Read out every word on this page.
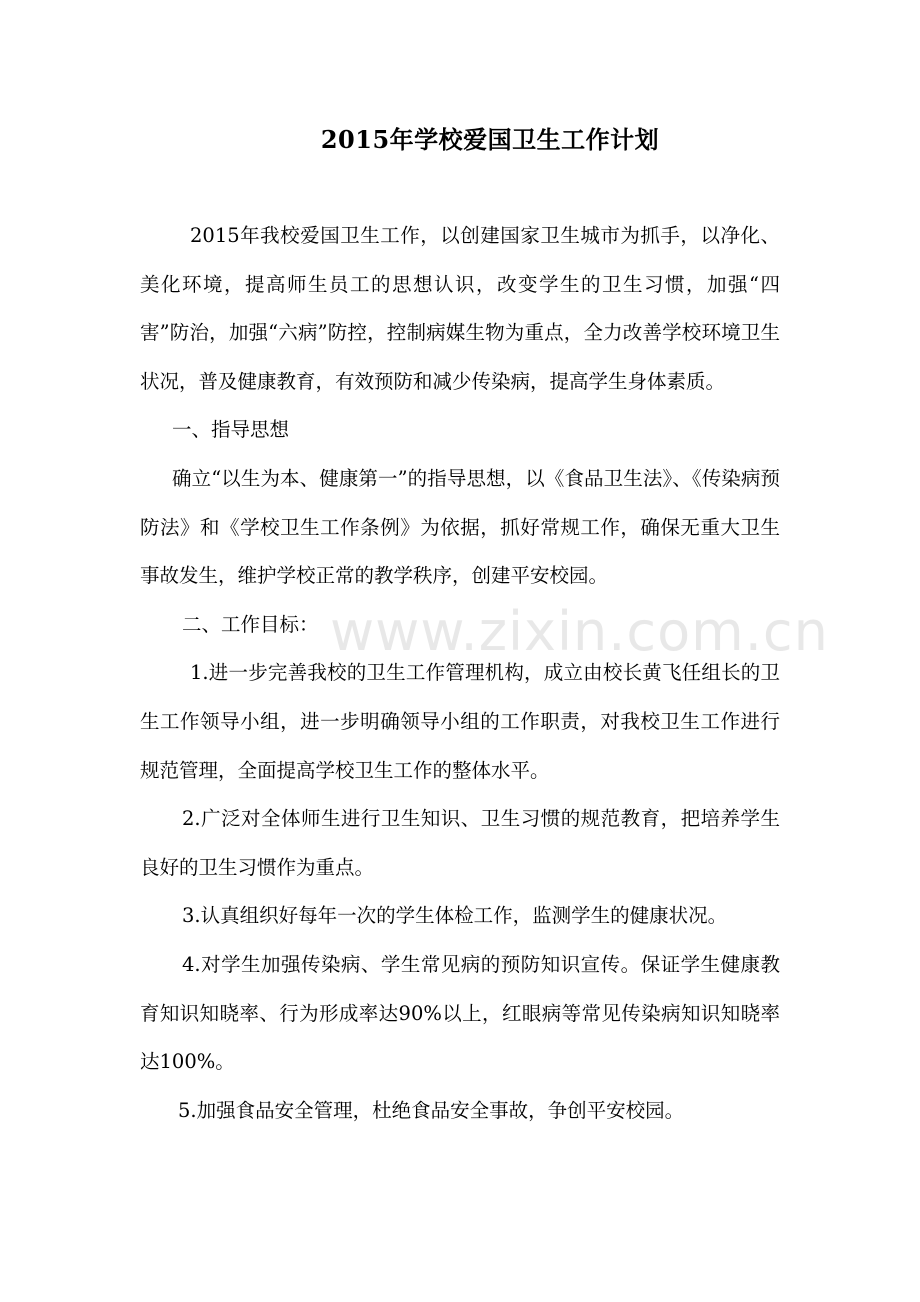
2015年学校爱国卫生工作计划

2015年我校爱国卫生工作，以创建国家卫生城市为抓手，以净化、美化环境，提高师生员工的思想认识，改变学生的卫生习惯，加强“四害”防治，加强“六病”防控，控制病媒生物为重点，全力改善学校环境卫生状况，普及健康教育，有效预防和减少传染病，提高学生身体素质。

一、指导思想

确立“以生为本、健康第一”的指导思想，以《食品卫生法》、《传染病预防法》和《学校卫生工作条例》为依据，抓好常规工作，确保无重大卫生事故发生，维护学校正常的教学秩序，创建平安校园。

二、工作目标：

1.进一步完善我校的卫生工作管理机构，成立由校长黄飞任组长的卫生工作领导小组，进一步明确领导小组的工作职责，对我校卫生工作进行规范管理，全面提高学校卫生工作的整体水平。

2.广泛对全体师生进行卫生知识、卫生习惯的规范教育，把培养学生良好的卫生习惯作为重点。

3.认真组织好每年一次的学生体检工作，监测学生的健康状况。

4.对学生加强传染病、学生常见病的预防知识宣传。保证学生健康教育知识知晓率、行为形成率达90%以上，红眼病等常见传染病知识知晓率达100%。

5.加强食品安全管理，杜绝食品安全事故，争创平安校园。

www.zixin.com.cn
